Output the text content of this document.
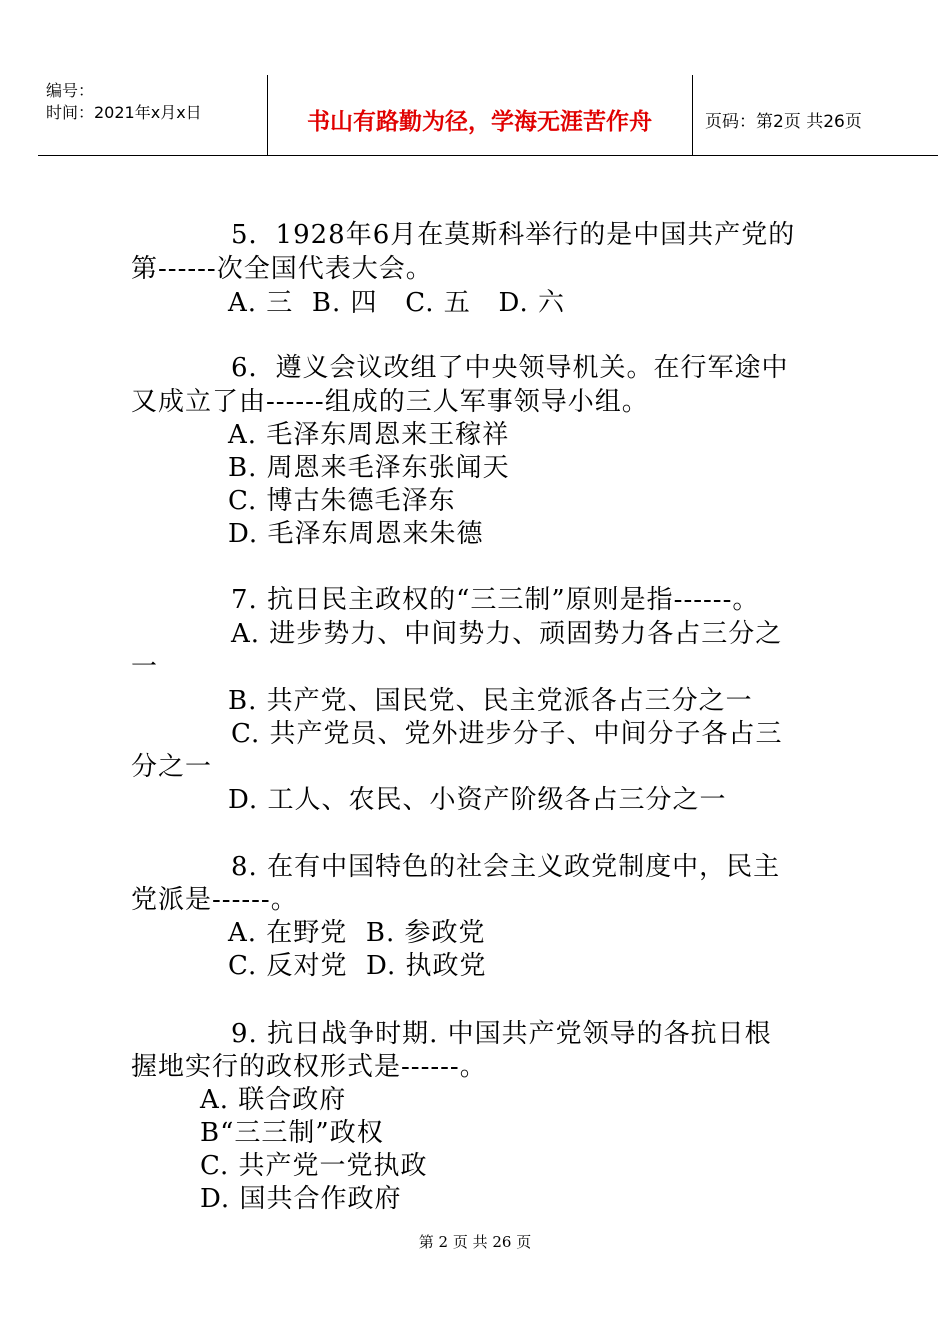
编号：
时间：2021年x月x日	书山有路勤为径，学海无涯苦作舟	页码：第2页 共26页
5．1928年6月在莫斯科举行的是中国共产党的
第------次全国代表大会。
A. 三  B. 四   C. 五   D. 六
6．遵义会议改组了中央领导机关。在行军途中
又成立了由------组成的三人军事领导小组。
A. 毛泽东周恩来王稼祥
B. 周恩来毛泽东张闻天
C. 博古朱德毛泽东
D. 毛泽东周恩来朱德
7. 抗日民主政权的“三三制”原则是指------。
A. 进步势力、中间势力、顽固势力各占三分之
一
B. 共产党、国民党、民主党派各占三分之一
C. 共产党员、党外进步分子、中间分子各占三
分之一
D. 工人、农民、小资产阶级各占三分之一
8. 在有中国特色的社会主义政党制度中，民主
党派是------。
A. 在野党  B. 参政党
C. 反对党  D. 执政党
9. 抗日战争时期. 中国共产党领导的各抗日根
握地实行的政权形式是------。
A. 联合政府
B“三三制”政权
C. 共产党一党执政
D. 国共合作政府
第 2 页 共 26 页
